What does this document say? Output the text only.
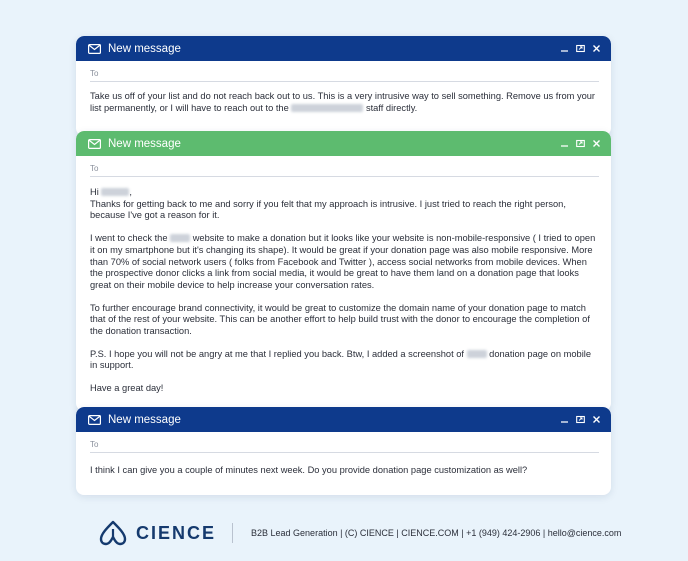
New message
To

Take us off of your list and do not reach back out to us. This is a very intrusive way to sell something. Remove us from your list permanently, or I will have to reach out to the	staff directly.

New message
To
Hi	,

Thanks for getting back to me and sorry if you felt that my approach is intrusive. I just tried to reach the right person, because I've got a reason for it.

I went to check the  website to make a donation but it looks like your website is non-mobile-responsive ( I tried to open it on my smartphone but it's changing its shape). It would be great if your donation page was also mobile responsive. More than 70% of social network users ( folks from Facebook and Twitter ), access social networks from mobile devices. When the prospective donor clicks a link from social media, it would be great to have them land on a donation page that looks great on their mobile device to help increase your conversation rates.

To further encourage brand connectivity, it would be great to customize the domain name of your donation page to match that of the rest of your website. This can be another effort to help build trust with the donor to encourage the completion of the donation transaction.

P.S. I hope you will not be angry at me that I replied you back. Btw, I added a screenshot of  donation page on mobile in support.

Have a great day!

New message
To

I think I can give you a couple of minutes next week. Do you provide donation page customization as well?

CIENCE	B2B Lead Generation | (C) CIENCE | CIENCE.COM | +1 (949) 424-2906 | hello@cience.com
